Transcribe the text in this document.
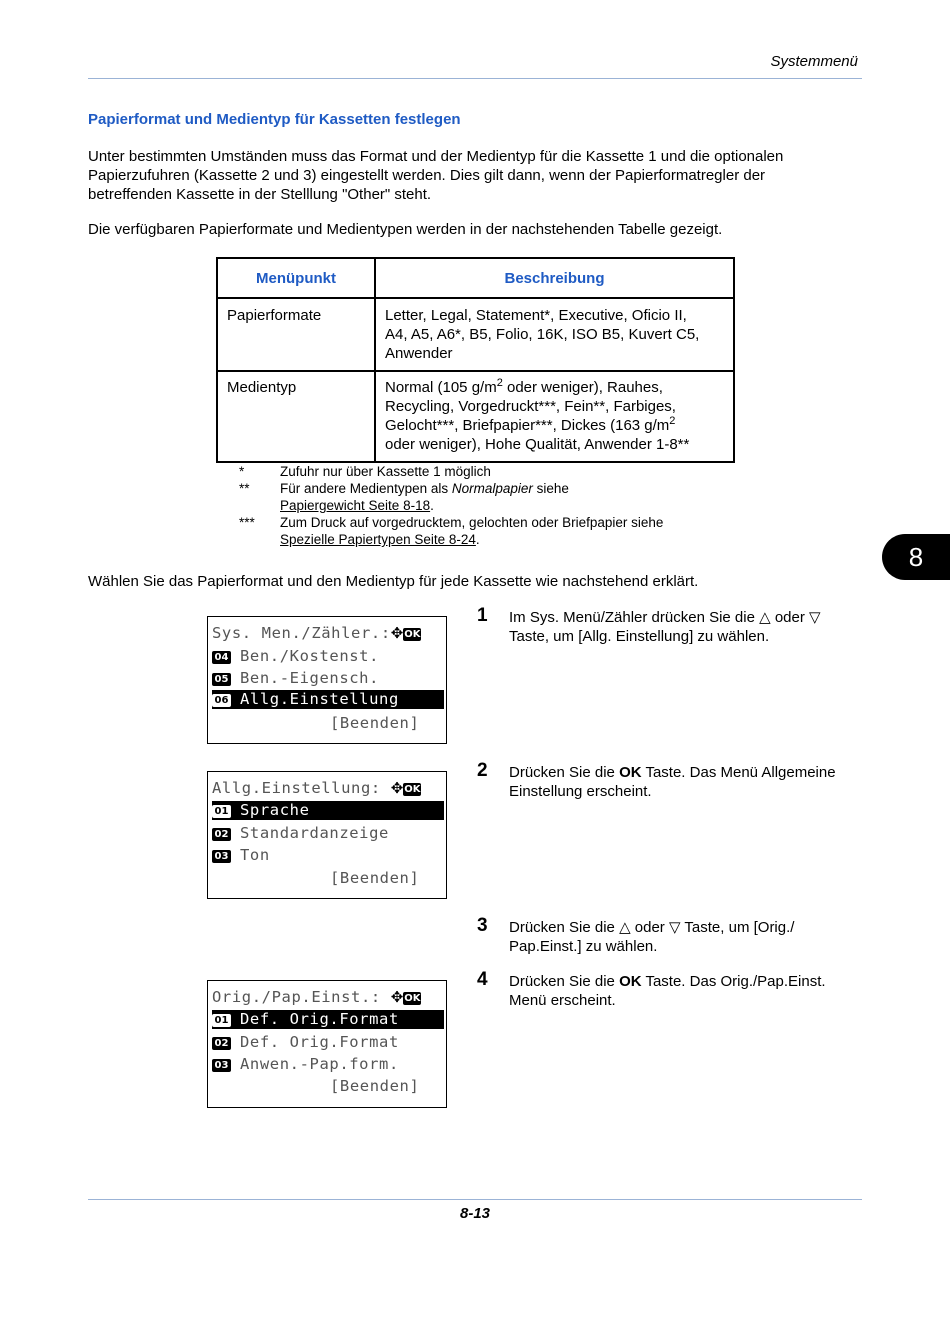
Systemmenü
Papierformat und Medientyp für Kassetten festlegen
Unter bestimmten Umständen muss das Format und der Medientyp für die Kassette 1 und die optionalen
Papierzufuhren (Kassette 2 und 3) eingestellt werden. Dies gilt dann, wenn der Papierformatregler der
betreffenden Kassette in der Stelllung "Other" steht.
Die verfügbaren Papierformate und Medientypen werden in der nachstehenden Tabelle gezeigt.
Menüpunkt	Beschreibung
Papierformate	Letter, Legal, Statement*, Executive, Oficio II,
A4, A5, A6*, B5, Folio, 16K, ISO B5, Kuvert C5,
Anwender

Medientyp	Normal (105 $g/m^2$ oder weniger), Rauhes,
Recycling, Vorgedruckt***, Fein**, Farbiges,
Gelocht***, Briefpapier***, Dickes (163 $g/m^2$
oder weniger), Hohe Qualität, Anwender 1-8**
*	Zufuhr nur über Kassette 1 möglich
**	Für andere Medientypen als Normalpapier siehe
Papiergewicht Seite 8-18.
***	Zum Druck auf vorgedrucktem, gelochten oder Briefpapier siehe
Spezielle Papiertypen Seite 8-24.
8
Wählen Sie das Papierformat und den Medientyp für jede Kassette wie nachstehend erklärt.
Sys. Men./Zähler.:✥OK
04 Ben./Kostenst.
05 Ben.-Eigensch.
06 Allg.Einstellung
[Beenden]
Allg.Einstellung: ✥OK
01 Sprache
02 Standardanzeige
03 Ton
[Beenden]
Orig./Pap.Einst.: ✥OK
01 Def. Orig.Format
02 Def. Orig.Format
03 Anwen.-Pap.form.
[Beenden]
1 Im Sys. Menü/Zähler drücken Sie die △ oder ▽
Taste, um [Allg. Einstellung] zu wählen.
2 Drücken Sie die OK Taste. Das Menü Allgemeine
Einstellung erscheint.
3 Drücken Sie die △ oder ▽ Taste, um [Orig./
Pap.Einst.] zu wählen.
4 Drücken Sie die OK Taste. Das Orig./Pap.Einst.
Menü erscheint.
8-13
